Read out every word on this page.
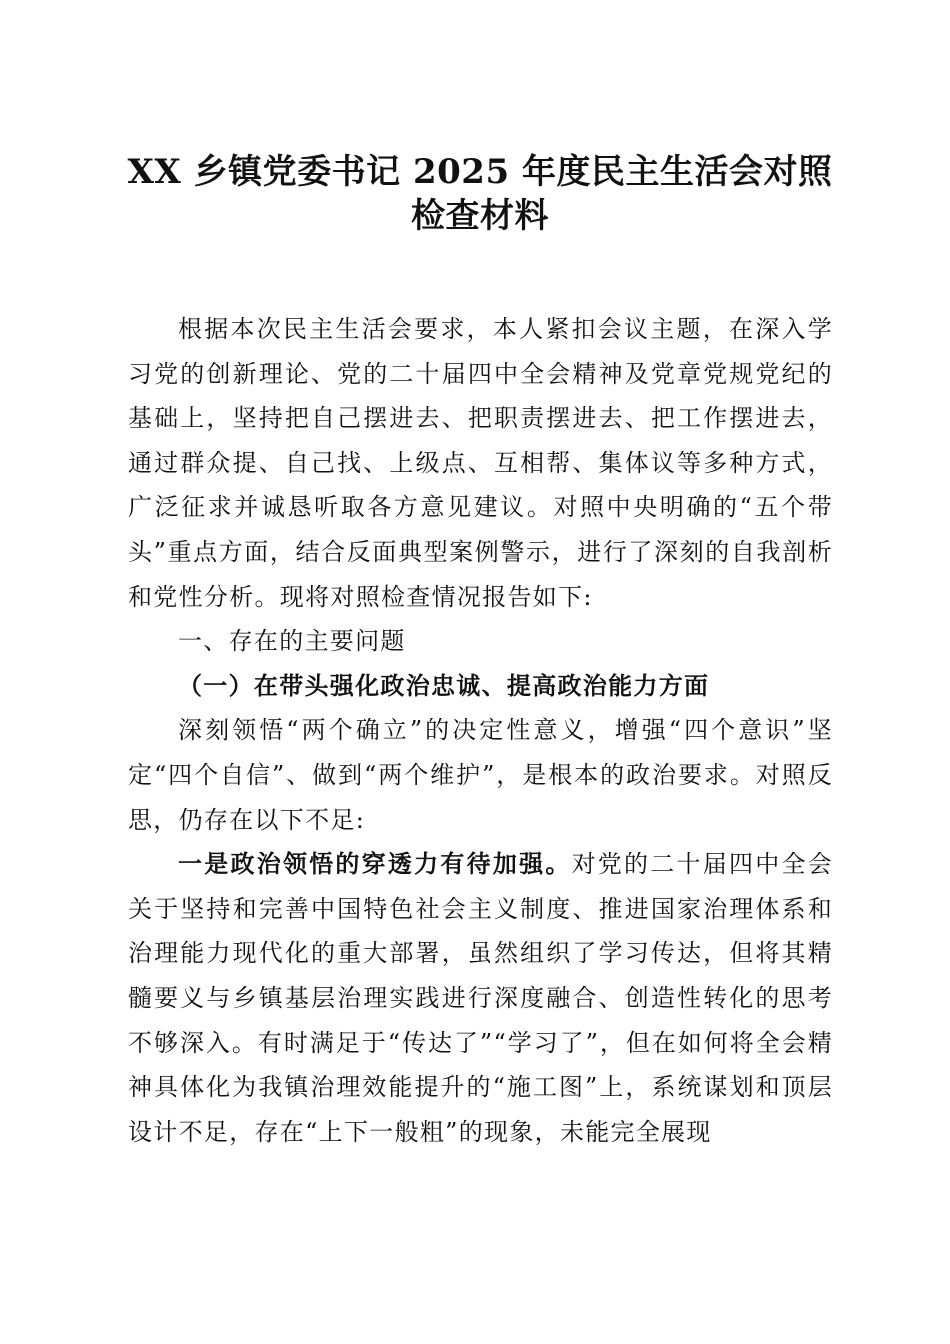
XX 乡镇党委书记 2025 年度民主生活会对照检查材料

根据本次民主生活会要求，本人紧扣会议主题，在深入学习党的创新理论、党的二十届四中全会精神及党章党规党纪的基础上，坚持把自己摆进去、把职责摆进去、把工作摆进去，通过群众提、自己找、上级点、互相帮、集体议等多种方式，广泛征求并诚恳听取各方意见建议。对照中央明确的“五个带头”重点方面，结合反面典型案例警示，进行了深刻的自我剖析和党性分析。现将对照检查情况报告如下:

一、存在的主要问题

（一）在带头强化政治忠诚、提高政治能力方面

深刻领悟“两个确立”的决定性意义，增强“四个意识”坚定“四个自信”、做到“两个维护”，是根本的政治要求。对照反思，仍存在以下不足:

一是政治领悟的穿透力有待加强。对党的二十届四中全会关于坚持和完善中国特色社会主义制度、推进国家治理体系和治理能力现代化的重大部署，虽然组织了学习传达，但将其精髓要义与乡镇基层治理实践进行深度融合、创造性转化的思考不够深入。有时满足于“传达了”“学习了”，但在如何将全会精神具体化为我镇治理效能提升的“施工图”上，系统谋划和顶层设计不足，存在“上下一般粗”的现象，未能完全展现
